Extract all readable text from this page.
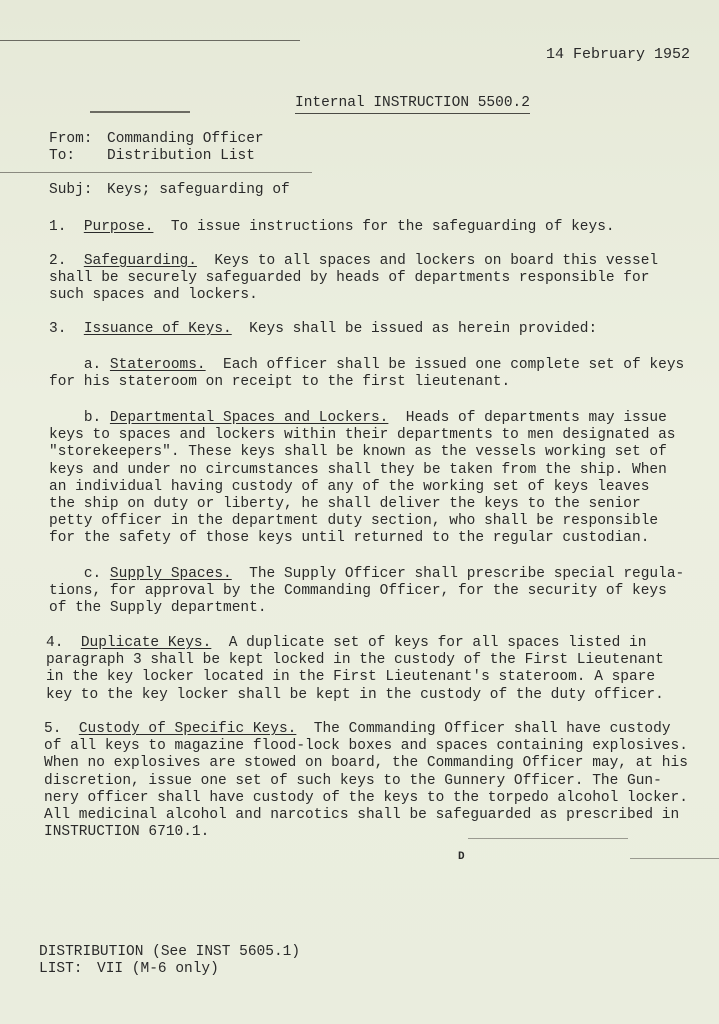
14 February 1952
Internal INSTRUCTION 5500.2
From: Commanding Officer
To: Distribution List
Subj: Keys; safeguarding of

1. Purpose. To issue instructions for the safeguarding of keys.

2. Safeguarding. Keys to all spaces and lockers on board this vessel

shall be securely safeguarded by heads of departments responsible for

such spaces and lockers.

3. Issuance of Keys. Keys shall be issued as herein provided:

a. Staterooms. Each officer shall be issued one complete set of keys

for his stateroom on receipt to the first lieutenant.

b. Departmental Spaces and Lockers. Heads of departments may issue

keys to spaces and lockers within their departments to men designated as

"storekeepers". These keys shall be known as the vessels working set of

keys and under no circumstances shall they be taken from the ship. When

an individual having custody of any of the working set of keys leaves

the ship on duty or liberty, he shall deliver the keys to the senior

petty officer in the department duty section, who shall be responsible

for the safety of those keys until returned to the regular custodian.

c. Supply Spaces. The Supply Officer shall prescribe special regula-

tions, for approval by the Commanding Officer, for the security of keys

of the Supply department.

4. Duplicate Keys. A duplicate set of keys for all spaces listed in

paragraph 3 shall be kept locked in the custody of the First Lieutenant

in the key locker located in the First Lieutenant's stateroom. A spare

key to the key locker shall be kept in the custody of the duty officer.

5. Custody of Specific Keys. The Commanding Officer shall have custody

of all keys to magazine flood-lock boxes and spaces containing explosives.

When no explosives are stowed on board, the Commanding Officer may, at his

discretion, issue one set of such keys to the Gunnery Officer. The Gun-

nery officer shall have custody of the keys to the torpedo alcohol locker.

All medicinal alcohol and narcotics shall be safeguarded as prescribed in

INSTRUCTION 6710.1.

D
DISTRIBUTION (See INST 5605.1)
LIST: VII (M-6 only)
